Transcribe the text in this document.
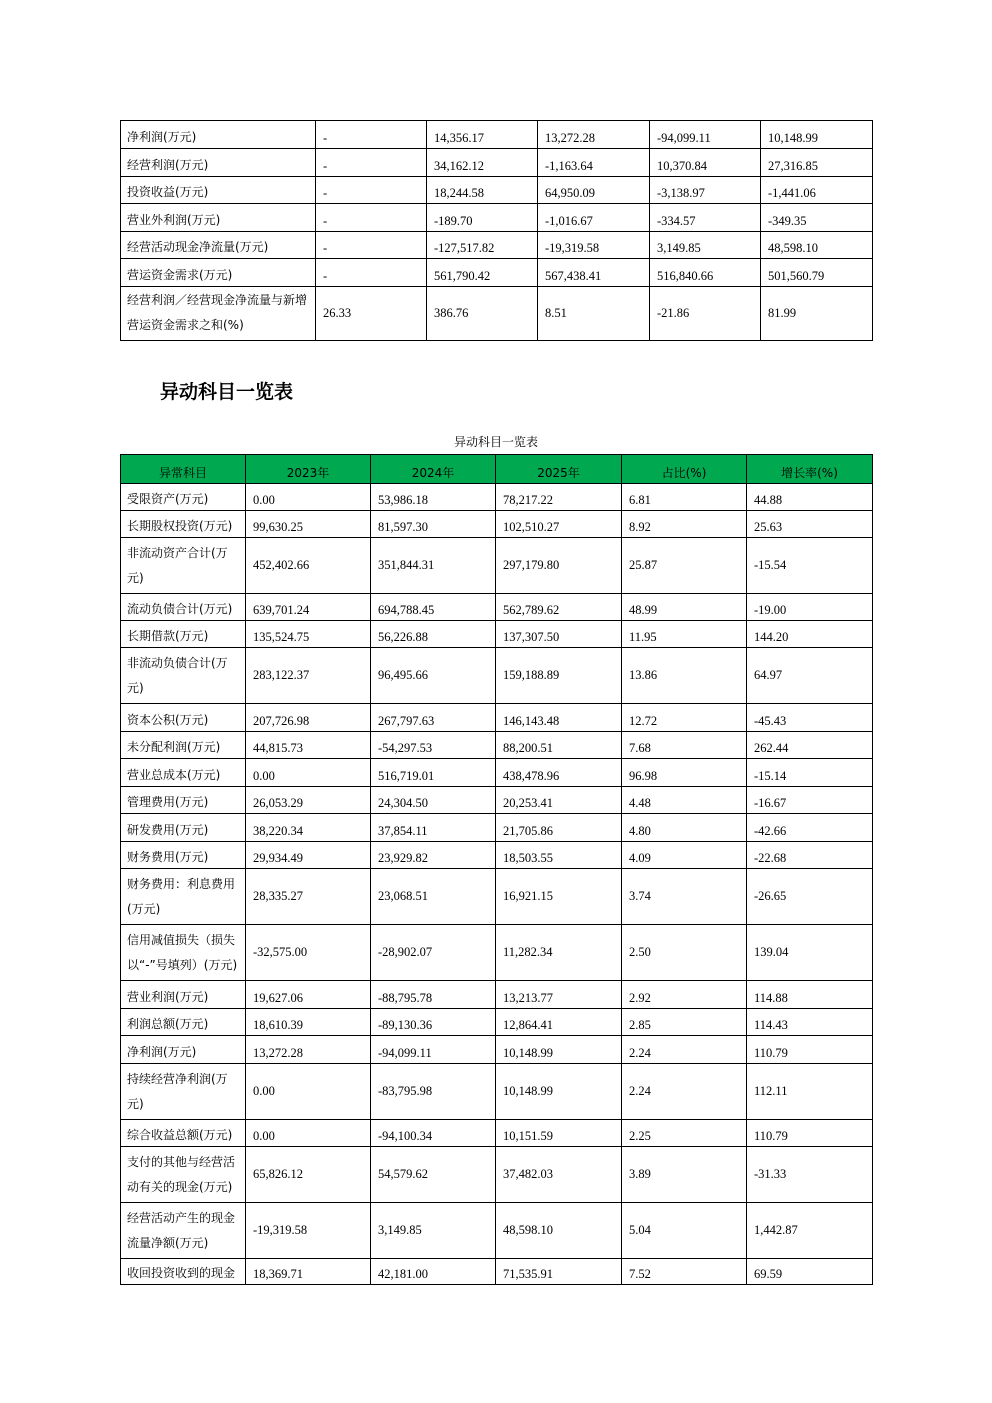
净利润(万元)	-	14,356.17	13,272.28	-94,099.11	10,148.99
经营利润(万元)	-	34,162.12	-1,163.64	10,370.84	27,316.85
投资收益(万元)	-	18,244.58	64,950.09	-3,138.97	-1,441.06
营业外利润(万元)	-	-189.70	-1,016.67	-334.57	-349.35
经营活动现金净流量(万元)	-	-127,517.82	-19,319.58	3,149.85	48,598.10
营运资金需求(万元)	-	561,790.42	567,438.41	516,840.66	501,560.79
经营利润／经营现金净流量与新增营运资金需求之和(%)	26.33	386.76	8.51	-21.86	81.99
异动科目一览表
异动科目一览表
异常科目	2023年	2024年	2025年	占比(%)	增长率(%)
受限资产(万元)	0.00	53,986.18	78,217.22	6.81	44.88
长期股权投资(万元)	99,630.25	81,597.30	102,510.27	8.92	25.63
非流动资产合计(万元)	452,402.66	351,844.31	297,179.80	25.87	-15.54
流动负债合计(万元)	639,701.24	694,788.45	562,789.62	48.99	-19.00
长期借款(万元)	135,524.75	56,226.88	137,307.50	11.95	144.20
非流动负债合计(万元)	283,122.37	96,495.66	159,188.89	13.86	64.97
资本公积(万元)	207,726.98	267,797.63	146,143.48	12.72	-45.43
未分配利润(万元)	44,815.73	-54,297.53	88,200.51	7.68	262.44
营业总成本(万元)	0.00	516,719.01	438,478.96	96.98	-15.14
管理费用(万元)	26,053.29	24,304.50	20,253.41	4.48	-16.67
研发费用(万元)	38,220.34	37,854.11	21,705.86	4.80	-42.66
财务费用(万元)	29,934.49	23,929.82	18,503.55	4.09	-22.68
财务费用：利息费用(万元)	28,335.27	23,068.51	16,921.15	3.74	-26.65
信用减值损失（损失以“-”号填列）(万元)	-32,575.00	-28,902.07	11,282.34	2.50	139.04
营业利润(万元)	19,627.06	-88,795.78	13,213.77	2.92	114.88
利润总额(万元)	18,610.39	-89,130.36	12,864.41	2.85	114.43
净利润(万元)	13,272.28	-94,099.11	10,148.99	2.24	110.79
持续经营净利润(万元)	0.00	-83,795.98	10,148.99	2.24	112.11
综合收益总额(万元)	0.00	-94,100.34	10,151.59	2.25	110.79
支付的其他与经营活动有关的现金(万元)	65,826.12	54,579.62	37,482.03	3.89	-31.33
经营活动产生的现金流量净额(万元)	-19,319.58	3,149.85	48,598.10	5.04	1,442.87
收回投资收到的现金	18,369.71	42,181.00	71,535.91	7.52	69.59
